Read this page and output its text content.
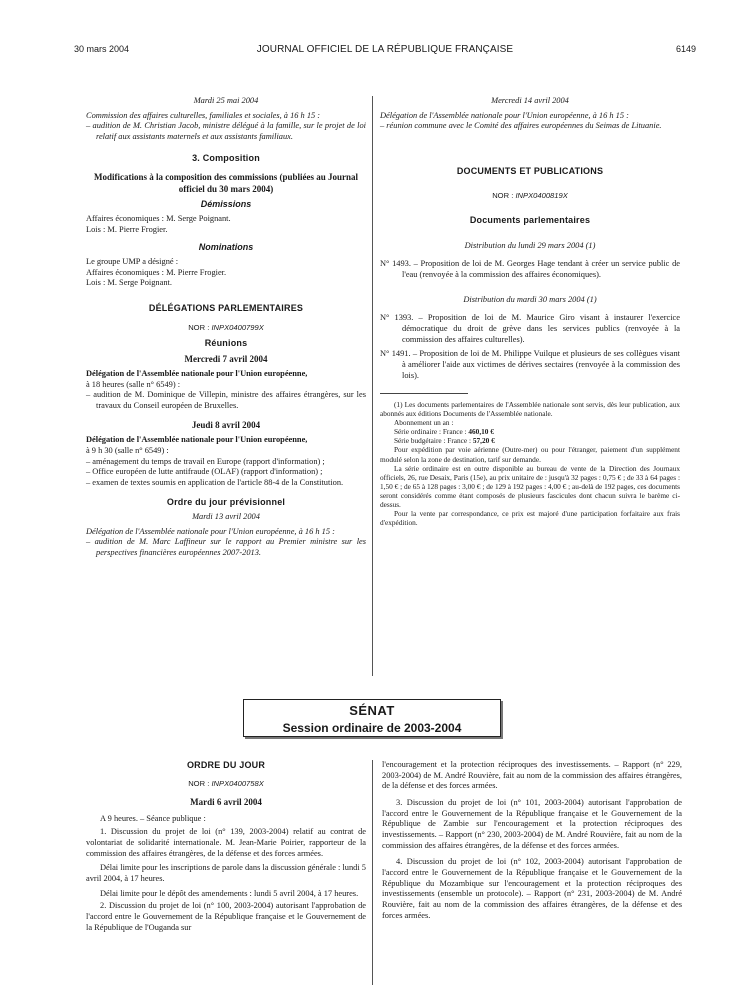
30 mars 2004	JOURNAL OFFICIEL DE LA RÉPUBLIQUE FRANÇAISE	6149
Mardi 25 mai 2004
Commission des affaires culturelles, familiales et sociales, à 16 h 15 :
– audition de M. Christian Jacob, ministre délégué à la famille, sur le projet de loi relatif aux assistants maternels et aux assistants familiaux.
3. Composition
Modifications à la composition des commissions (publiées au Journal officiel du 30 mars 2004)
Démissions
Affaires économiques : M. Serge Poignant.
Lois : M. Pierre Frogier.
Nominations
Le groupe UMP a désigné :
Affaires économiques : M. Pierre Frogier.
Lois : M. Serge Poignant.
DÉLÉGATIONS PARLEMENTAIRES
NOR : INPX0400799X
Réunions
Mercredi 7 avril 2004
Délégation de l'Assemblée nationale pour l'Union européenne,
à 18 heures (salle n° 6549) :
– audition de M. Dominique de Villepin, ministre des affaires étrangères, sur les travaux du Conseil européen de Bruxelles.
Jeudi 8 avril 2004
Délégation de l'Assemblée nationale pour l'Union européenne,
à 9 h 30 (salle n° 6549) :
– aménagement du temps de travail en Europe (rapport d'information) ;
– Office européen de lutte antifraude (OLAF) (rapport d'information) ;
– examen de textes soumis en application de l'article 88-4 de la Constitution.
Ordre du jour prévisionnel
Mardi 13 avril 2004
Délégation de l'Assemblée nationale pour l'Union européenne, à 16 h 15 :
– audition de M. Marc Laffineur sur le rapport au Premier ministre sur les perspectives financières européennes 2007-2013.
Mercredi 14 avril 2004
Délégation de l'Assemblée nationale pour l'Union européenne, à 16 h 15 :
– réunion commune avec le Comité des affaires européennes du Seimas de Lituanie.
DOCUMENTS ET PUBLICATIONS
NOR : INPX0400819X
Documents parlementaires
Distribution du lundi 29 mars 2004 (1)
N° 1493. – Proposition de loi de M. Georges Hage tendant à créer un service public de l'eau (renvoyée à la commission des affaires économiques).
Distribution du mardi 30 mars 2004 (1)
N° 1393. – Proposition de loi de M. Maurice Giro visant à instaurer l'exercice démocratique du droit de grève dans les services publics (renvoyée à la commission des affaires culturelles).
N° 1491. – Proposition de loi de M. Philippe Vuilque et plusieurs de ses collègues visant à améliorer l'aide aux victimes de dérives sectaires (renvoyée à la commission des lois).
(1) Les documents parlementaires de l'Assemblée nationale sont servis, dès leur publication, aux abonnés aux éditions Documents de l'Assemblée nationale.
Abonnement un an :
Série ordinaire : France : 460,10 €
Série budgétaire : France : 57,20 €
Pour expédition par voie aérienne (Outre-mer) ou pour l'étranger, paiement d'un supplément modulé selon la zone de destination, tarif sur demande.
La série ordinaire est en outre disponible au bureau de vente de la Direction des Journaux officiels, 26, rue Desaix, Paris (15e), au prix unitaire de : jusqu'à 32 pages : 0,75 € ; de 33 à 64 pages : 1,50 € ; de 65 à 128 pages : 3,00 € ; de 129 à 192 pages : 4,00 € ; au-delà de 192 pages, ces documents seront considérés comme étant composés de plusieurs fascicules dont chacun suivra le barème ci-dessus.
Pour la vente par correspondance, ce prix est majoré d'une participation forfaitaire aux frais d'expédition.
SÉNAT
Session ordinaire de 2003-2004
ORDRE DU JOUR
NOR : INPX0400758X
Mardi 6 avril 2004
A 9 heures. – Séance publique :
1. Discussion du projet de loi (n° 139, 2003-2004) relatif au contrat de volontariat de solidarité internationale. M. Jean-Marie Poirier, rapporteur de la commission des affaires étrangères, de la défense et des forces armées.
Délai limite pour les inscriptions de parole dans la discussion générale : lundi 5 avril 2004, à 17 heures.
Délai limite pour le dépôt des amendements : lundi 5 avril 2004, à 17 heures.
2. Discussion du projet de loi (n° 100, 2003-2004) autorisant l'approbation de l'accord entre le Gouvernement de la République française et le Gouvernement de la République de l'Ouganda sur
l'encouragement et la protection réciproques des investissements. – Rapport (n° 229, 2003-2004) de M. André Rouvière, fait au nom de la commission des affaires étrangères, de la défense et des forces armées.
3. Discussion du projet de loi (n° 101, 2003-2004) autorisant l'approbation de l'accord entre le Gouvernement de la République française et le Gouvernement de la République de Zambie sur l'encouragement et la protection réciproques des investissements. – Rapport (n° 230, 2003-2004) de M. André Rouvière, fait au nom de la commission des affaires étrangères, de la défense et des forces armées.
4. Discussion du projet de loi (n° 102, 2003-2004) autorisant l'approbation de l'accord entre le Gouvernement de la République française et le Gouvernement de la République du Mozambique sur l'encouragement et la protection réciproques des investissements (ensemble un protocole). – Rapport (n° 231, 2003-2004) de M. André Rouvière, fait au nom de la commission des affaires étrangères, de la défense et des forces armées.
